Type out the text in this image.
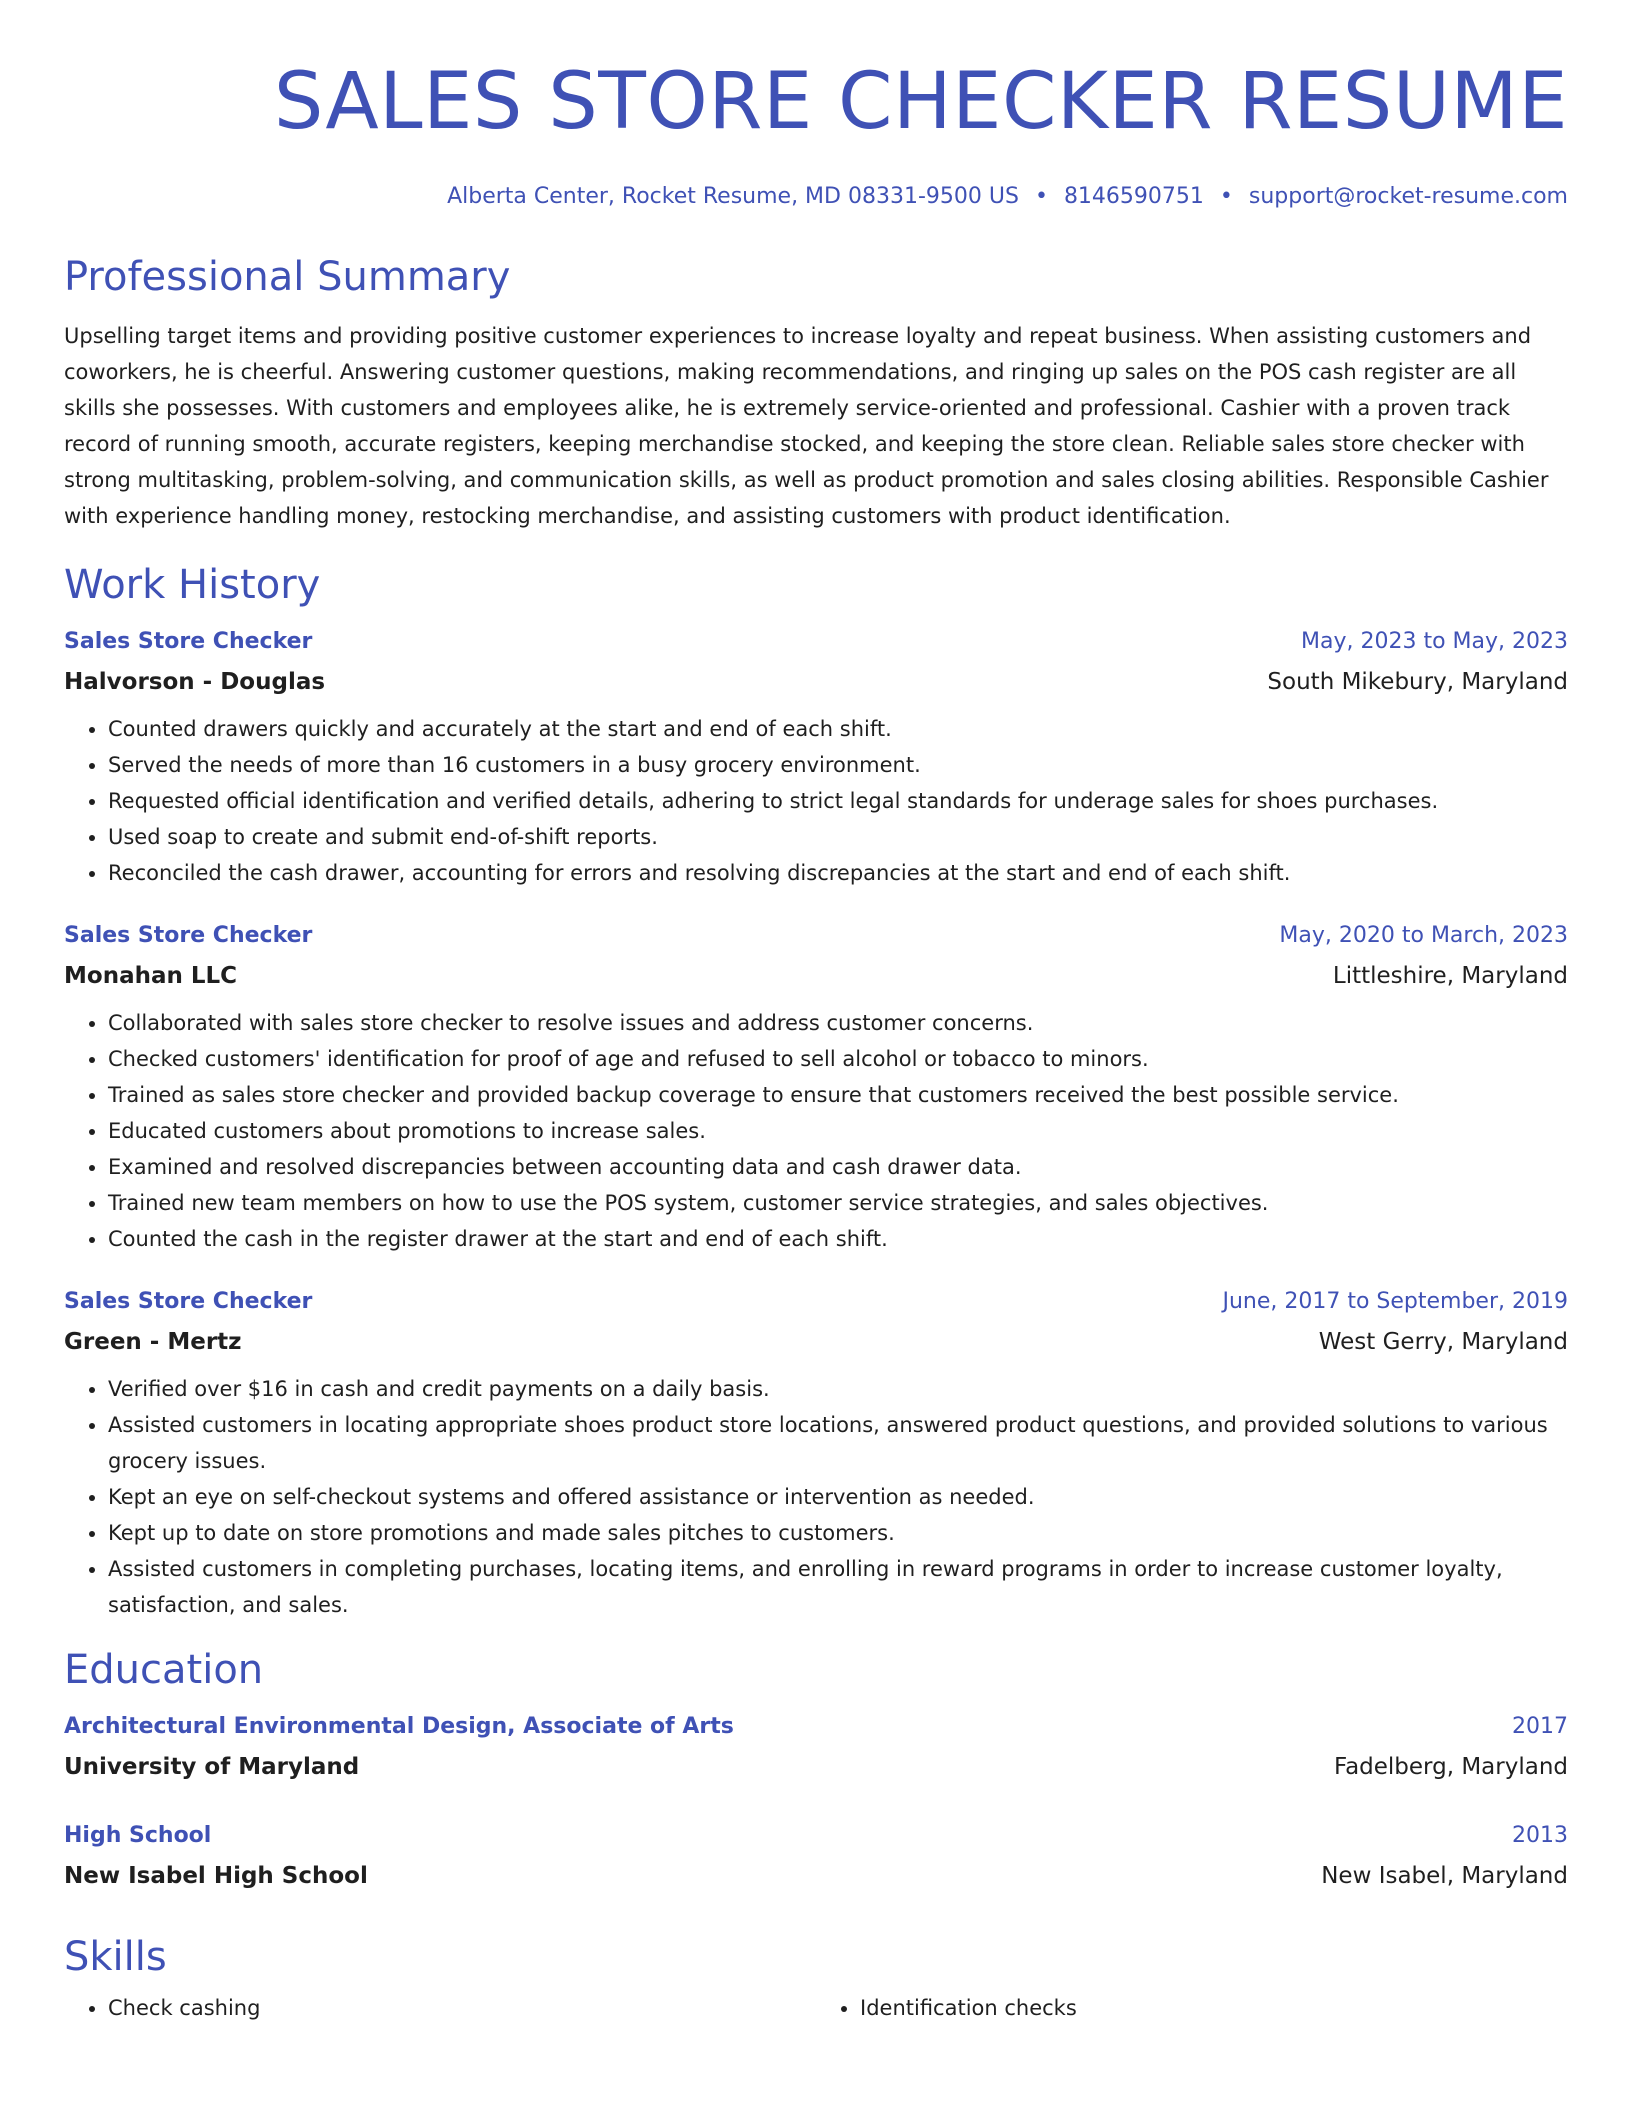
SALES STORE CHECKER RESUME
Alberta Center, Rocket Resume, MD 08331-9500 US • 8146590751 • support@rocket-resume.com
Professional Summary
Upselling target items and providing positive customer experiences to increase loyalty and repeat business. When assisting customers and coworkers, he is cheerful. Answering customer questions, making recommendations, and ringing up sales on the POS cash register are all skills she possesses. With customers and employees alike, he is extremely service-oriented and professional. Cashier with a proven track record of running smooth, accurate registers, keeping merchandise stocked, and keeping the store clean. Reliable sales store checker with strong multitasking, problem-solving, and communication skills, as well as product promotion and sales closing abilities. Responsible Cashier with experience handling money, restocking merchandise, and assisting customers with product identification.
Work History
Sales Store Checker	May, 2023 to May, 2023
Halvorson - Douglas	South Mikebury, Maryland
• Counted drawers quickly and accurately at the start and end of each shift.
• Served the needs of more than 16 customers in a busy grocery environment.
• Requested official identification and verified details, adhering to strict legal standards for underage sales for shoes purchases.
• Used soap to create and submit end-of-shift reports.
• Reconciled the cash drawer, accounting for errors and resolving discrepancies at the start and end of each shift.
Sales Store Checker	May, 2020 to March, 2023
Monahan LLC	Littleshire, Maryland
• Collaborated with sales store checker to resolve issues and address customer concerns.
• Checked customers' identification for proof of age and refused to sell alcohol or tobacco to minors.
• Trained as sales store checker and provided backup coverage to ensure that customers received the best possible service.
• Educated customers about promotions to increase sales.
• Examined and resolved discrepancies between accounting data and cash drawer data.
• Trained new team members on how to use the POS system, customer service strategies, and sales objectives.
• Counted the cash in the register drawer at the start and end of each shift.
Sales Store Checker	June, 2017 to September, 2019
Green - Mertz	West Gerry, Maryland
• Verified over $16 in cash and credit payments on a daily basis.
• Assisted customers in locating appropriate shoes product store locations, answered product questions, and provided solutions to various grocery issues.
• Kept an eye on self-checkout systems and offered assistance or intervention as needed.
• Kept up to date on store promotions and made sales pitches to customers.
• Assisted customers in completing purchases, locating items, and enrolling in reward programs in order to increase customer loyalty, satisfaction, and sales.
Education
Architectural Environmental Design, Associate of Arts	2017
University of Maryland	Fadelberg, Maryland
High School	2013
New Isabel High School	New Isabel, Maryland
Skills
• Check cashing
•	Identification checks
